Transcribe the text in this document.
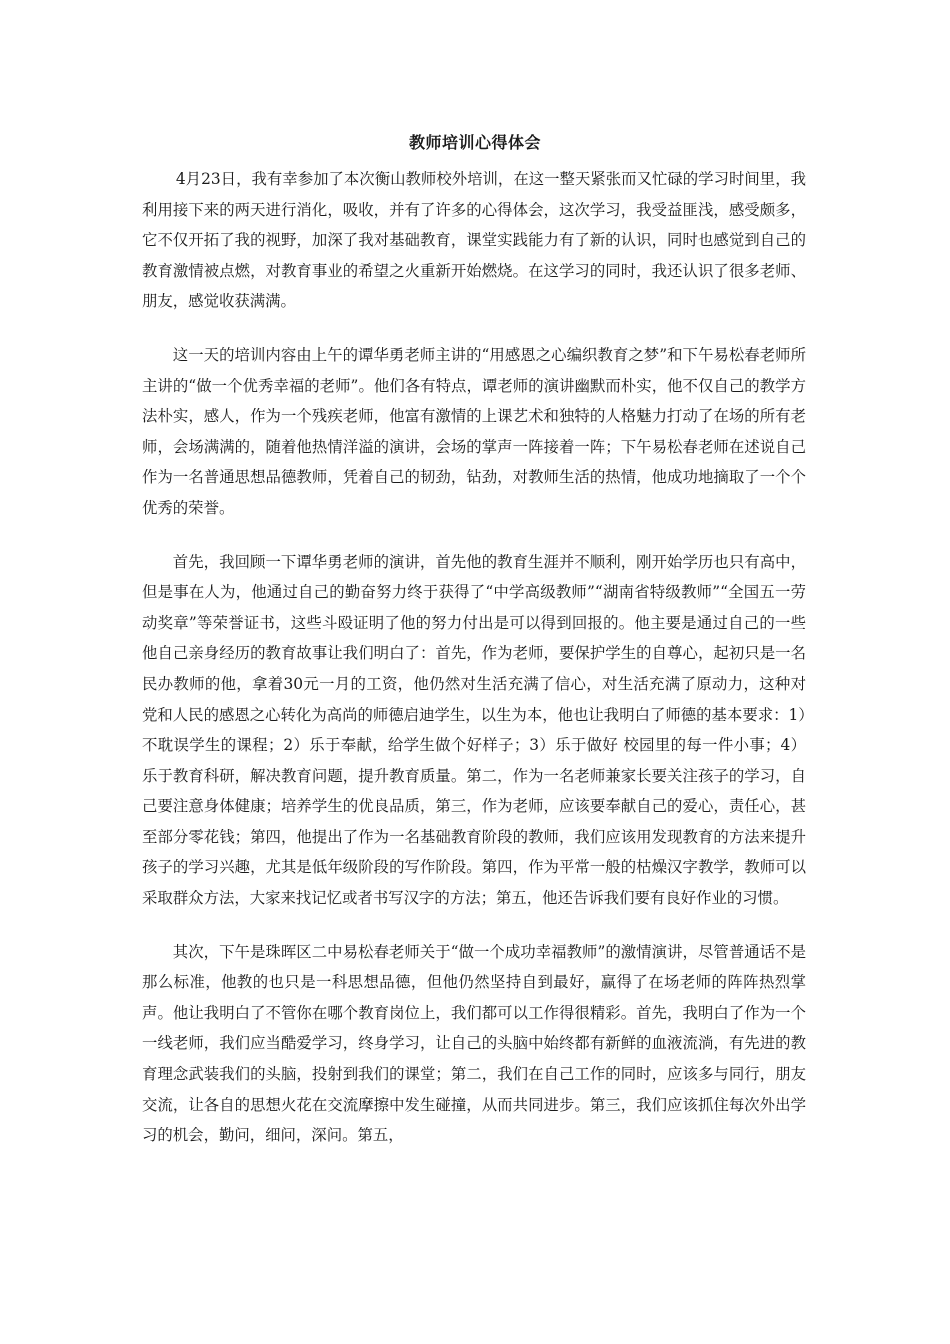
教师培训心得体会

4月23日，我有幸参加了本次衡山教师校外培训，在这一整天紧张而又忙碌的学习时间里，我利用接下来的两天进行消化，吸收，并有了许多的心得体会，这次学习，我受益匪浅，感受颇多，它不仅开拓了我的视野，加深了我对基础教育，课堂实践能力有了新的认识，同时也感觉到自己的教育激情被点燃，对教育事业的希望之火重新开始燃烧。在这学习的同时，我还认识了很多老师、朋友，感觉收获满满。

这一天的培训内容由上午的谭华勇老师主讲的“用感恩之心编织教育之梦”和下午易松春老师所主讲的“做一个优秀幸福的老师”。他们各有特点，谭老师的演讲幽默而朴实，他不仅自己的教学方法朴实，感人，作为一个残疾老师，他富有激情的上课艺术和独特的人格魅力打动了在场的所有老师，会场满满的，随着他热情洋溢的演讲，会场的掌声一阵接着一阵；下午易松春老师在述说自己作为一名普通思想品德教师，凭着自己的韧劲，钻劲，对教师生活的热情，他成功地摘取了一个个优秀的荣誉。

首先，我回顾一下谭华勇老师的演讲，首先他的教育生涯并不顺利，刚开始学历也只有高中，但是事在人为，他通过自己的勤奋努力终于获得了“中学高级教师”“湖南省特级教师”“全国五一劳动奖章”等荣誉证书，这些斗殴证明了他的努力付出是可以得到回报的。他主要是通过自己的一些他自己亲身经历的教育故事让我们明白了：首先，作为老师，要保护学生的自尊心，起初只是一名民办教师的他，拿着30元一月的工资，他仍然对生活充满了信心，对生活充满了原动力，这种对党和人民的感恩之心转化为高尚的师德启迪学生，以生为本，他也让我明白了师德的基本要求：1）不耽误学生的课程；2）乐于奉献，给学生做个好样子；3）乐于做好 校园里的每一件小事；4）乐于教育科研，解决教育问题，提升教育质量。第二，作为一名老师兼家长要关注孩子的学习，自己要注意身体健康；培养学生的优良品质，第三，作为老师，应该要奉献自己的爱心，责任心，甚至部分零花钱；第四，他提出了作为一名基础教育阶段的教师，我们应该用发现教育的方法来提升孩子的学习兴趣，尤其是低年级阶段的写作阶段。第四，作为平常一般的枯燥汉字教学，教师可以采取群众方法，大家来找记忆或者书写汉字的方法；第五，他还告诉我们要有良好作业的习惯。

其次，下午是珠晖区二中易松春老师关于“做一个成功幸福教师”的激情演讲，尽管普通话不是那么标准，他教的也只是一科思想品德，但他仍然坚持自到最好，赢得了在场老师的阵阵热烈掌声。他让我明白了不管你在哪个教育岗位上，我们都可以工作得很精彩。首先，我明白了作为一个一线老师，我们应当酷爱学习，终身学习，让自己的头脑中始终都有新鲜的血液流淌，有先进的教育理念武装我们的头脑，投射到我们的课堂；第二，我们在自己工作的同时，应该多与同行，朋友交流，让各自的思想火花在交流摩擦中发生碰撞，从而共同进步。第三，我们应该抓住每次外出学习的机会，勤问，细问，深问。第五，
